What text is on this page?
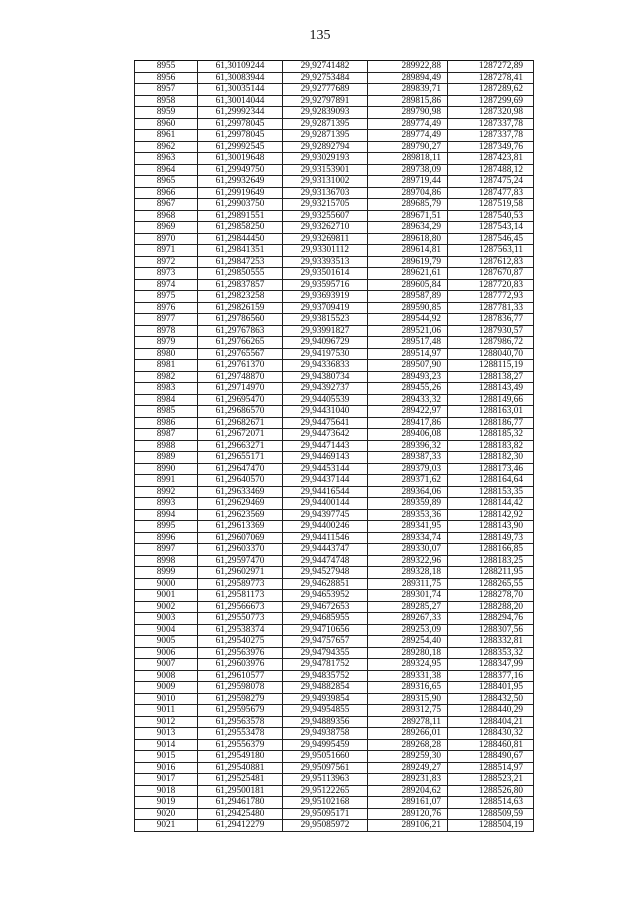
135
8955	61,30109244	29,92741482	289922,88	1287272,89
8956	61,30083944	29,92753484	289894,49	1287278,41
8957	61,30035144	29,92777689	289839,71	1287289,62
8958	61,30014044	29,92797891	289815,86	1287299,69
8959	61,29992344	29,92839093	289790,98	1287320,98
8960	61,29978045	29,92871395	289774,49	1287337,78
8961	61,29978045	29,92871395	289774,49	1287337,78
8962	61,29992545	29,92892794	289790,27	1287349,76
8963	61,30019648	29,93029193	289818,11	1287423,81
8964	61,29949750	29,93153901	289738,09	1287488,12
8965	61,29932649	29,93131002	289719,44	1287475,24
8966	61,29919649	29,93136703	289704,86	1287477,83
8967	61,29903750	29,93215705	289685,79	1287519,58
8968	61,29891551	29,93255607	289671,51	1287540,53
8969	61,29858250	29,93262710	289634,29	1287543,14
8970	61,29844450	29,93269811	289618,80	1287546,45
8971	61,29841351	29,93301112	289614,81	1287563,11
8972	61,29847253	29,93393513	289619,79	1287612,83
8973	61,29850555	29,93501614	289621,61	1287670,87
8974	61,29837857	29,93595716	289605,84	1287720,83
8975	61,29823258	29,93693919	289587,89	1287772,93
8976	61,29826159	29,93709419	289590,85	1287781,33
8977	61,29786560	29,93815523	289544,92	1287836,77
8978	61,29767863	29,93991827	289521,06	1287930,57
8979	61,29766265	29,94096729	289517,48	1287986,72
8980	61,29765567	29,94197530	289514,97	1288040,70
8981	61,29761370	29,94336833	289507,90	1288115,19
8982	61,29748870	29,94380734	289493,23	1288138,27
8983	61,29714970	29,94392737	289455,26	1288143,49
8984	61,29695470	29,94405539	289433,32	1288149,66
8985	61,29686570	29,94431040	289422,97	1288163,01
8986	61,29682671	29,94475641	289417,86	1288186,77
8987	61,29672071	29,94473642	289406,08	1288185,32
8988	61,29663271	29,94471443	289396,32	1288183,82
8989	61,29655171	29,94469143	289387,33	1288182,30
8990	61,29647470	29,94453144	289379,03	1288173,46
8991	61,29640570	29,94437144	289371,62	1288164,64
8992	61,29633469	29,94416544	289364,06	1288153,35
8993	61,29629469	29,94400144	289359,89	1288144,42
8994	61,29623569	29,94397745	289353,36	1288142,92
8995	61,29613369	29,94400246	289341,95	1288143,90
8996	61,29607069	29,94411546	289334,74	1288149,73
8997	61,29603370	29,94443747	289330,07	1288166,85
8998	61,29597470	29,94474748	289322,96	1288183,25
8999	61,29602971	29,94527948	289328,18	1288211,95
9000	61,29589773	29,94628851	289311,75	1288265,55
9001	61,29581173	29,94653952	289301,74	1288278,70
9002	61,29566673	29,94672653	289285,27	1288288,20
9003	61,29550773	29,94685955	289267,33	1288294,76
9004	61,29538374	29,94710656	289253,09	1288307,56
9005	61,29540275	29,94757657	289254,40	1288332,81
9006	61,29563976	29,94794355	289280,18	1288353,32
9007	61,29603976	29,94781752	289324,95	1288347,99
9008	61,29610577	29,94835752	289331,38	1288377,16
9009	61,29598078	29,94882854	289316,65	1288401,95
9010	61,29598279	29,94939854	289315,90	1288432,50
9011	61,29595679	29,94954855	289312,75	1288440,29
9012	61,29563578	29,94889356	289278,11	1288404,21
9013	61,29553478	29,94938758	289266,01	1288430,32
9014	61,29556379	29,94995459	289268,28	1288460,81
9015	61,29549180	29,95051660	289259,30	1288490,67
9016	61,29540881	29,95097561	289249,27	1288514,97
9017	61,29525481	29,95113963	289231,83	1288523,21
9018	61,29500181	29,95122265	289204,62	1288526,80
9019	61,29461780	29,95102168	289161,07	1288514,63
9020	61,29425480	29,95095171	289120,76	1288509,59
9021	61,29412279	29,95085972	289106,21	1288504,19
